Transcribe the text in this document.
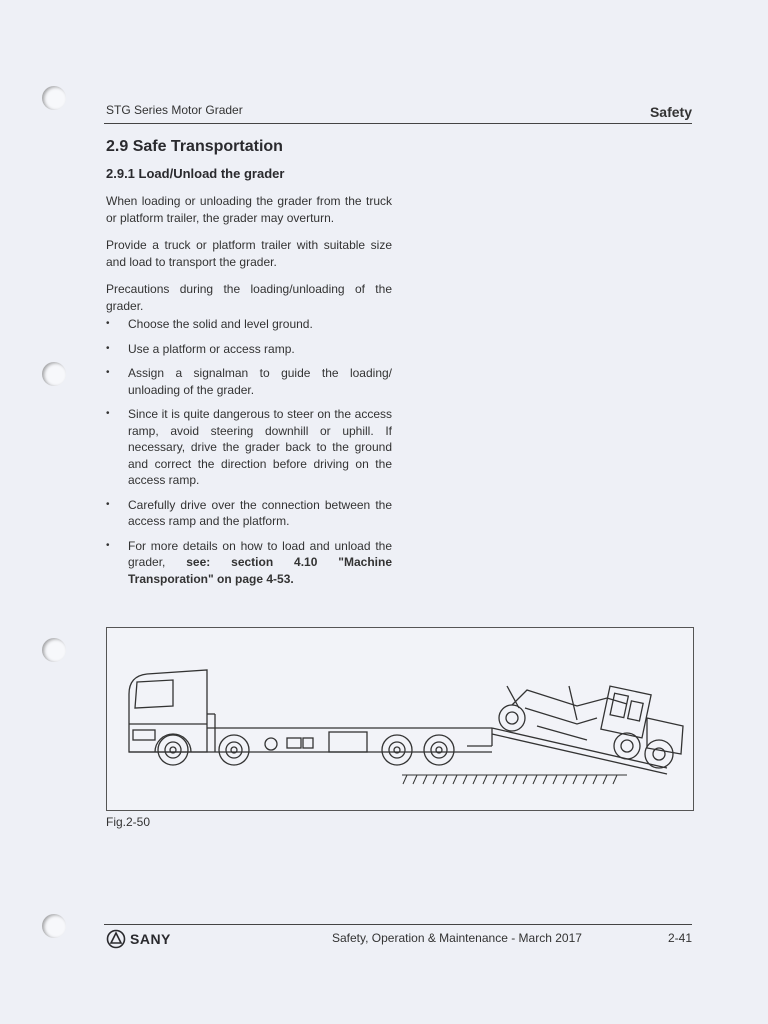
STG Series Motor Grader	Safety
2.9 Safe Transportation
2.9.1 Load/Unload the grader

When loading or unloading the grader from the truck or platform trailer, the grader may overturn.

Provide a truck or platform trailer with suitable size and load to transport the grader.

Precautions during the loading/unloading of the grader.

• Choose the solid and level ground.
• Use a platform or access ramp.
• Assign a signalman to guide the loading/ unloading of the grader.
• Since it is quite dangerous to steer on the access ramp, avoid steering downhill or uphill. If necessary, drive the grader back to the ground and correct the direction before driving on the access ramp.
• Carefully drive over the connection between the access ramp and the platform.
• For more details on how to load and unload the grader, see: section 4.10 "Machine Transporation" on page 4-53.
Fig.2-50
SANY	Safety, Operation & Maintenance - March 2017	2-41
